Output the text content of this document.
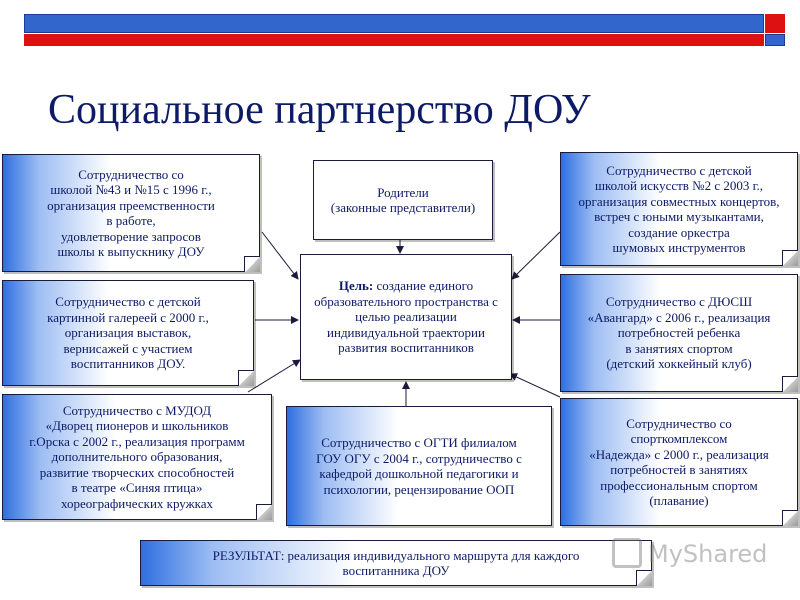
Социальное партнерство ДОУ
Сотрудничество со
школой №43 и №15 с 1996 г.,
организация преемственности
в работе,
удовлетворение запросов
школы к выпускнику ДОУ
Сотрудничество с детской
картинной галереей с 2000 г.,
организация выставок,
вернисажей с участием
воспитанников ДОУ.
Сотрудничество с МУДОД
«Дворец пионеров и школьников
г.Орска с 2002 г., реализация программ
дополнительного образования,
развитие творческих способностей
в театре «Синяя птица»
хореографических кружках
Родители
(законные представители)
Цель: создание единого образовательного пространства с целью реализации индивидуальной траектории развития воспитанников
Сотрудничество с ОГТИ филиалом
ГОУ ОГУ с 2004 г., сотрудничество с
кафедрой дошкольной педагогики и
психологии, рецензирование ООП
Сотрудничество с детской
школой искусств №2 с 2003 г.,
организация совместных концертов,
встреч с юными музыкантами,
создание оркестра
шумовых инструментов
Сотрудничество с ДЮСШ
«Авангард» с 2006 г., реализация
потребностей ребенка
в занятиях спортом
(детский хоккейный клуб)
Сотрудничество со
спорткомплексом
«Надежда» с 2000 г., реализация
потребностей в занятиях
профессиональным спортом
(плавание)
РЕЗУЛЬТАТ: реализация индивидуального маршрута для каждого
воспитанника ДОУ
MyShared
